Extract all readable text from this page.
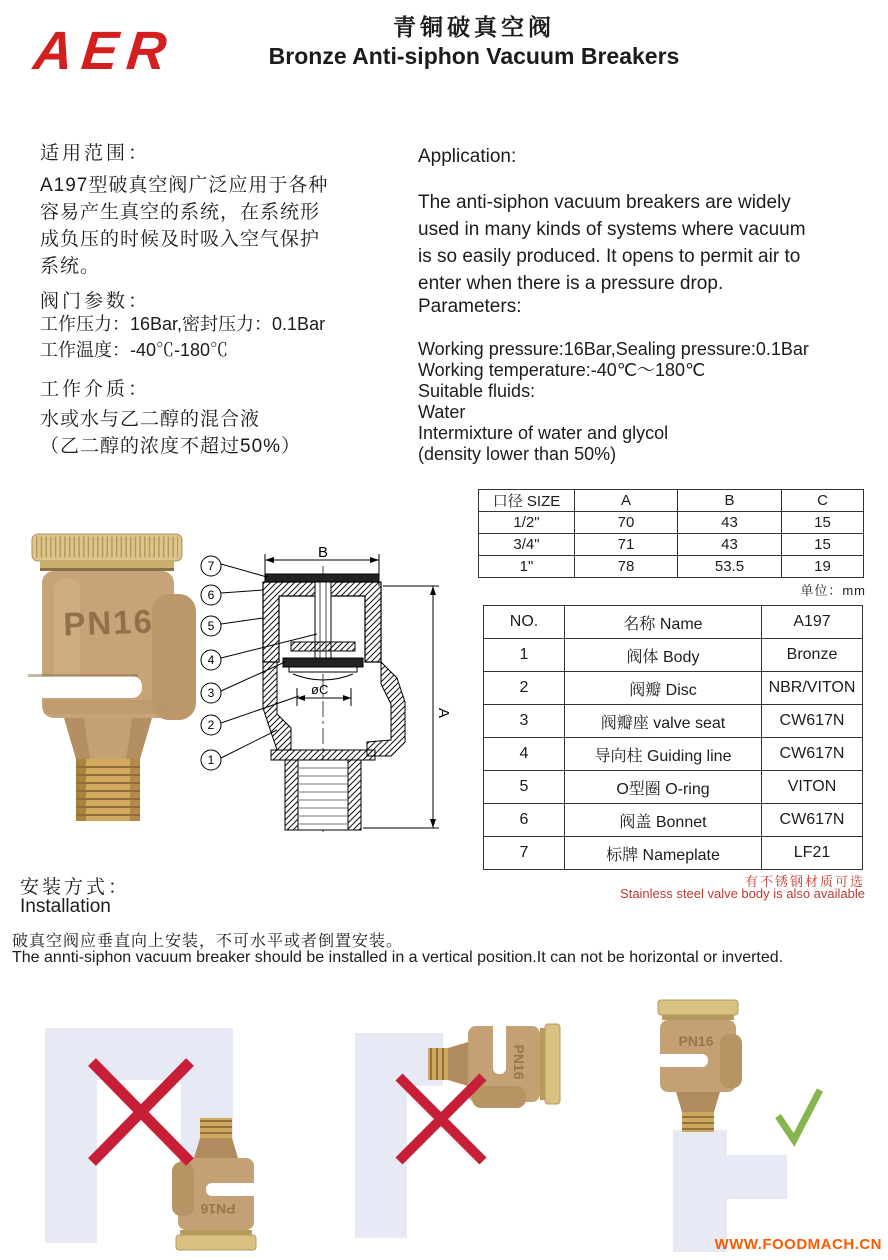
AER	青铜破真空阀
Bronze Anti-siphon Vacuum Breakers
适用范围：
A197型破真空阀广泛应用于各种
容易产生真空的系统，在系统形
成负压的时候及时吸入空气保护
系统。
阀门参数：
工作压力：16Bar,密封压力：0.1Bar
工作温度：-40℃-180℃
工作介质：
水或水与乙二醇的混合液
（乙二醇的浓度不超过50%）
Application:
The anti-siphon vacuum breakers are widely
used in many kinds of systems where vacuum
is so easily produced. It opens to permit air to
enter when there is a pressure drop.
Parameters:
Working pressure:16Bar,Sealing pressure:0.1Bar
Working temperature:-40℃～180℃
Suitable fluids:
Water
Intermixture of water and glycol
(density lower than 50%)
口径 SIZE	A	B	C
1/2"	70	43	15
3/4"	71	43	15
1"	78	53.5	19
单位：mm
NO.	名称 Name	A197
1	阀体 Body	Bronze
2	阀瓣 Disc	NBR/VITON
3	阀瓣座 valve seat	CW617N
4	导向柱 Guiding line	CW617N
5	O型圈 O-ring	VITON
6	阀盖 Bonnet	CW617N
7	标牌 Nameplate	LF21
有不锈钢材质可选
Stainless steel valve body is also available
PN16
B
øC
A
7
6
5
4
3
2
1
安装方式：
Installation
破真空阀应垂直向上安装，不可水平或者倒置安装。
The annti-siphon vacuum breaker should be installed in a vertical position.It can not be horizontal or inverted.
WWW.FOODMACH.CN
